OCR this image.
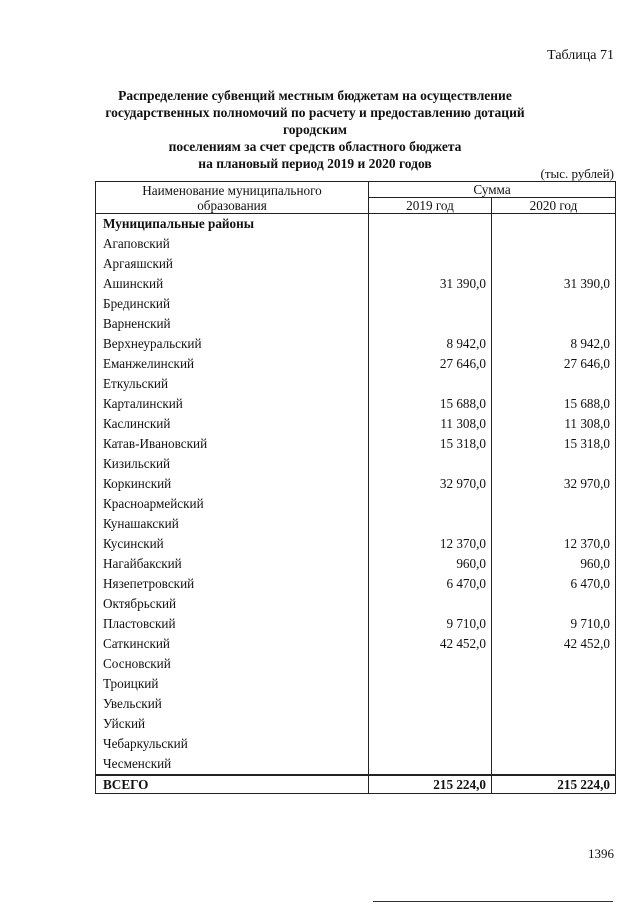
Таблица 71
Распределение субвенций местным бюджетам на осуществление
государственных полномочий по расчету и предоставлению дотаций городским
поселениям за счет средств областного бюджета
на плановый период 2019 и 2020 годов
(тыс. рублей)
Наименование муниципального
образования	Сумма	
	2019 год	2020 год
Муниципальные районы		
Агаповский		
Аргаяшский		
Ашинский	31 390,0	31 390,0
Брединский		
Варненский		
Верхнеуральский	8 942,0	8 942,0
Еманжелинский	27 646,0	27 646,0
Еткульский		
Карталинский	15 688,0	15 688,0
Каслинский	11 308,0	11 308,0
Катав-Ивановский	15 318,0	15 318,0
Кизильский		
Коркинский	32 970,0	32 970,0
Красноармейский		
Кунашакский		
Кусинский	12 370,0	12 370,0
Нагайбакский	960,0	960,0
Нязепетровский	6 470,0	6 470,0
Октябрьский		
Пластовский	9 710,0	9 710,0
Саткинский	42 452,0	42 452,0
Сосновский		
Троицкий		
Увельский		
Уйский		
Чебаркульский		
Чесменский		
ВСЕГО	215 224,0	215 224,0
1396
